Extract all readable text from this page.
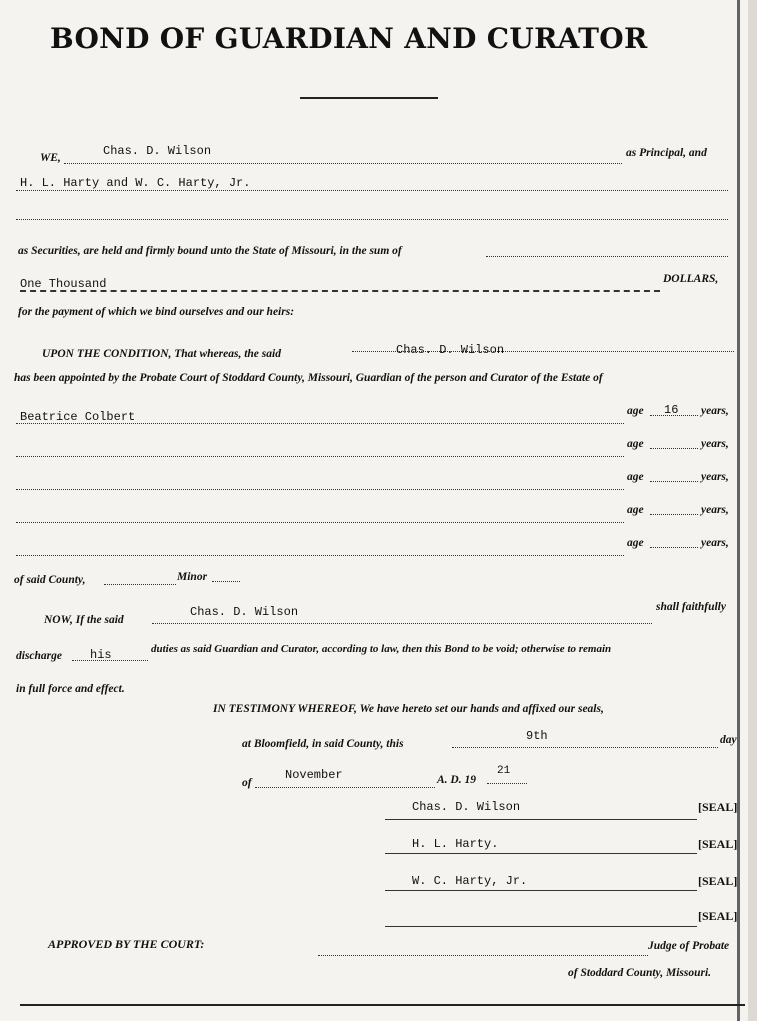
BOND OF GUARDIAN AND CURATOR
WE,	Chas. D. Wilson	as Principal, and
H. L. Harty and W. C. Harty, Jr.
as Securities, are held and firmly bound unto the State of Missouri, in the sum of
One Thousand	DOLLARS,
for the payment of which we bind ourselves and our heirs:
UPON THE CONDITION, That whereas, the said	Chas. D. Wilson
has been appointed by the Probate Court of Stoddard County, Missouri, Guardian of the person and Curator of the Estate of
Beatrice Colbert	age 16 years,
age	years,
age	years,
age	years,
age	years,
of said County,	Minor
NOW, If the said
Chas. D. Wilson	shall faithfully
discharge his	duties as said Guardian and Curator, according to law, then this Bond to be void; otherwise to remain
in full force and effect.
IN TESTIMONY WHEREOF, We have hereto set our hands and affixed our seals,
at Bloomfield, in said County, this
9th	day
of
November	A. D. 19
21
Chas. D. Wilson	[SEAL]
H. L. Harty.	[SEAL]
W. C. Harty, Jr.	[SEAL]
[SEAL]
APPROVED BY THE COURT:	Judge of Probate
of Stoddard County, Missouri.
